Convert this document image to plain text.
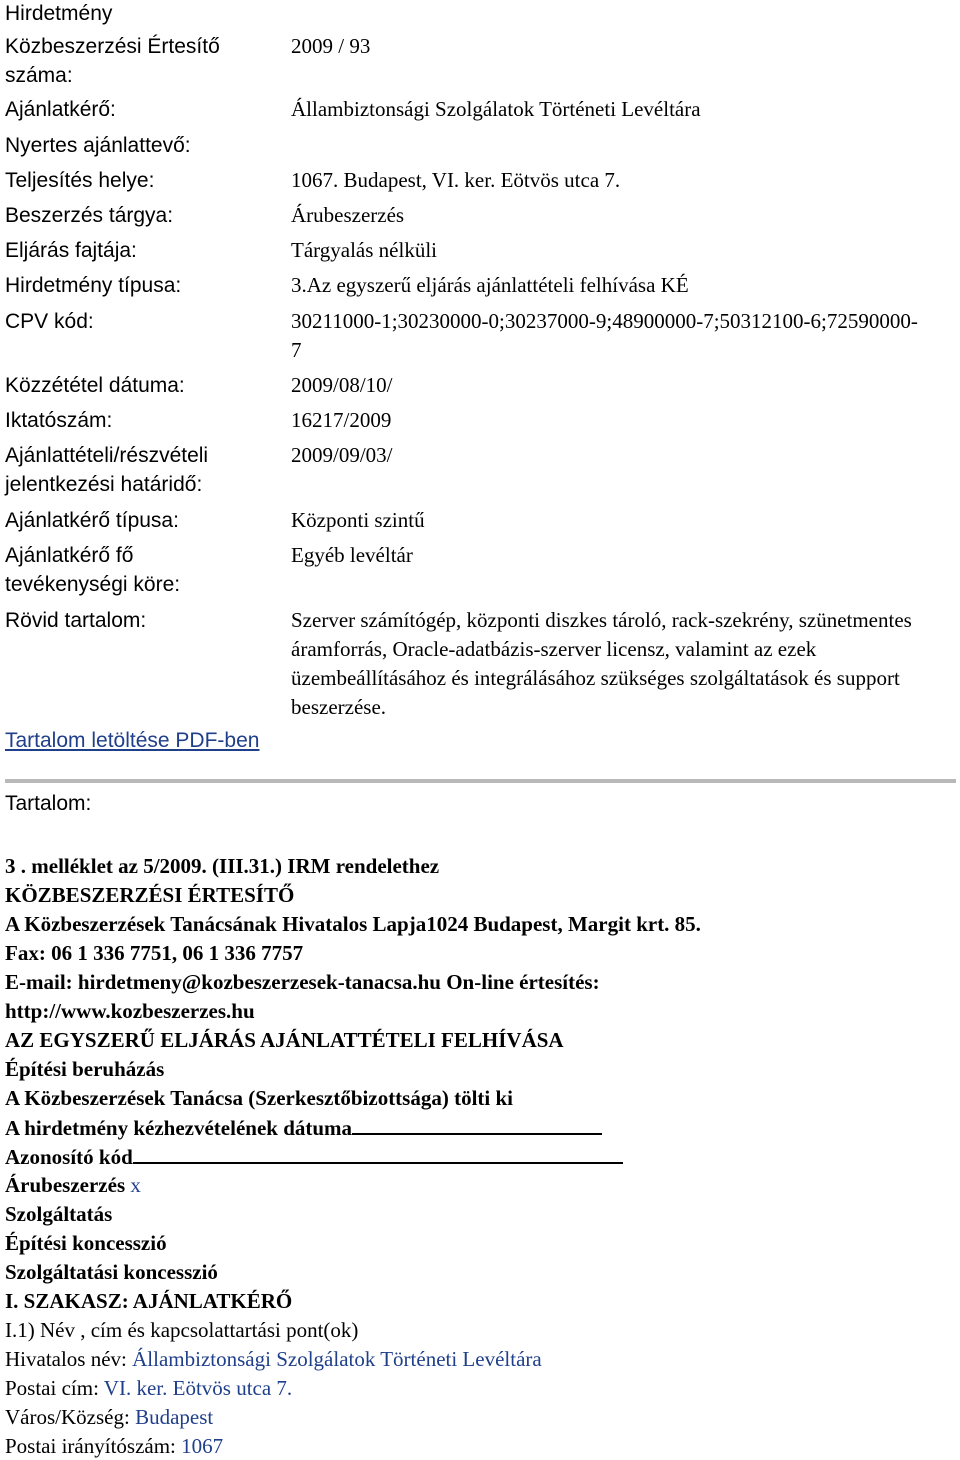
Hirdetmény
Közbeszerzési Értesítő száma:
2009 / 93
Ajánlatkérő:	Állambiztonsági Szolgálatok Történeti Levéltára
Nyertes ajánlattevő:
Teljesítés helye:	1067. Budapest, VI. ker. Eötvös utca 7.
Beszerzés tárgya:	Árubeszerzés
Eljárás fajtája:	Tárgyalás nélküli
Hirdetmény típusa:	3.Az egyszerű eljárás ajánlattételi felhívása KÉ
CPV kód:	30211000-1;30230000-0;30237000-9;48900000-7;50312100-6;72590000-7
Közzététel dátuma:	2009/08/10/
Iktatószám:	16217/2009
Ajánlattételi/részvételi jelentkezési határidő:
2009/09/03/
Ajánlatkérő típusa:	Központi szintű
Ajánlatkérő fő tevékenységi köre:
Egyéb levéltár
Rövid tartalom:	Szerver számítógép, központi diszkes tároló, rack-szekrény, szünetmentes áramforrás, Oracle-adatbázis-szerver licensz, valamint az ezek üzembeállításához és integrálásához szükséges szolgáltatások és support beszerzése.
Tartalom letöltése PDF-ben
Tartalom:
3 . melléklet az 5/2009. (III.31.) IRM rendelethez
KÖZBESZERZÉSI ÉRTESÍTŐ
A Közbeszerzések Tanácsának Hivatalos Lapja1024 Budapest, Margit krt. 85.
Fax: 06 1 336 7751, 06 1 336 7757
E-mail: hirdetmeny@kozbeszerzesek-tanacsa.hu On-line értesítés:
http://www.kozbeszerzes.hu
AZ EGYSZERŰ ELJÁRÁS AJÁNLATTÉTELI FELHÍVÁSA
Építési beruházás
A Közbeszerzések Tanácsa (Szerkesztőbizottsága) tölti ki
A hirdetmény kézhezvételének dátuma
Azonosító kód
Árubeszerzés x
Szolgáltatás
Építési koncesszió
Szolgáltatási koncesszió
I. SZAKASZ: AJÁNLATKÉRŐ
I.1) Név , cím és kapcsolattartási pont(ok)
Hivatalos név: Állambiztonsági Szolgálatok Történeti Levéltára
Postai cím: VI. ker. Eötvös utca 7.
Város/Község: Budapest
Postai irányítószám: 1067
